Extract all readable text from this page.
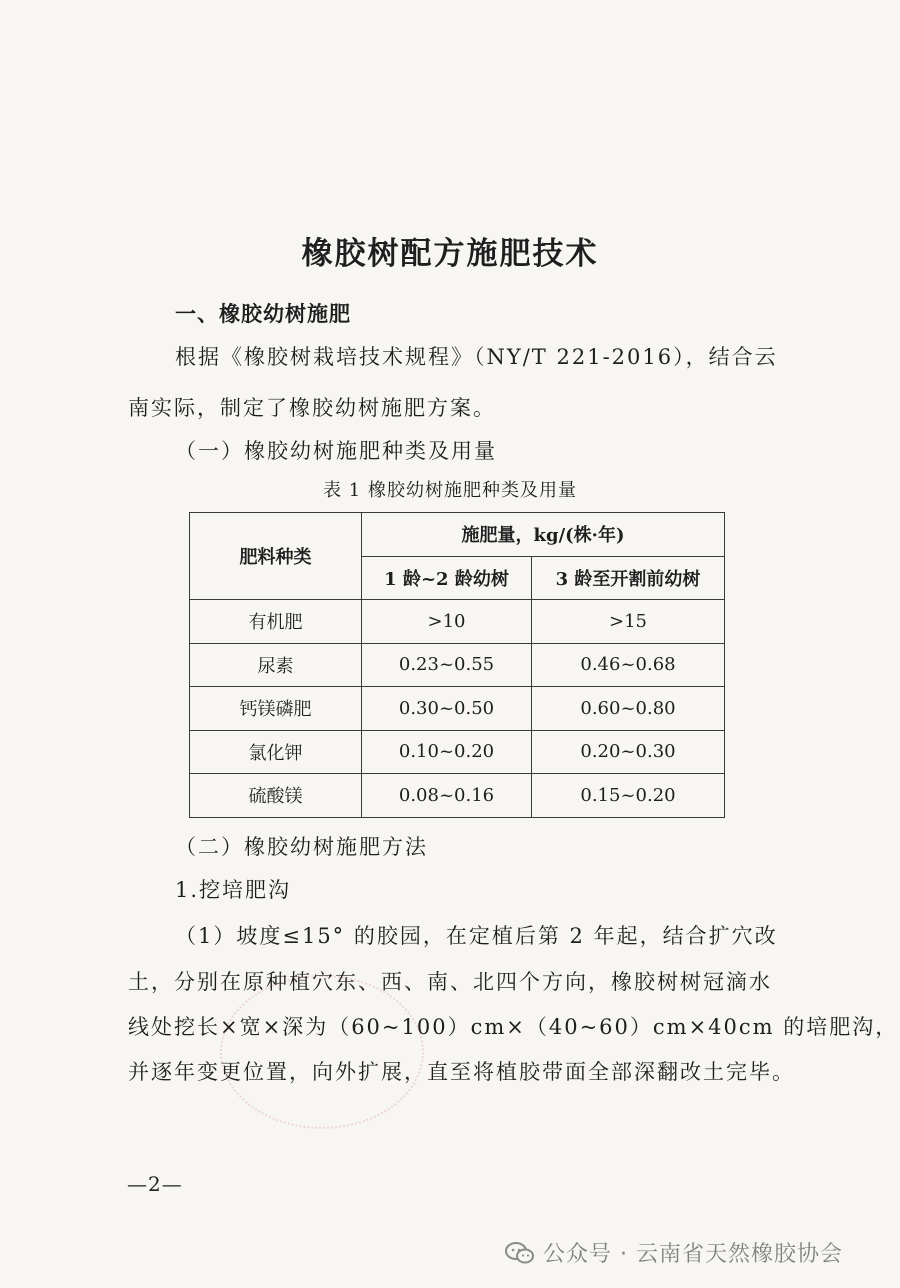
橡胶树配方施肥技术
一、橡胶幼树施肥
根据《橡胶树栽培技术规程》（NY/T 221-2016），结合云
南实际，制定了橡胶幼树施肥方案。
（一）橡胶幼树施肥种类及用量
表 1 橡胶幼树施肥种类及用量
肥料种类	施肥量，kg/(株·年)	
	1 龄~2 龄幼树	3 龄至开割前幼树
有机肥	>10	>15
尿素	0.23~0.55	0.46~0.68
钙镁磷肥	0.30~0.50	0.60~0.80
氯化钾	0.10~0.20	0.20~0.30
硫酸镁	0.08~0.16	0.15~0.20
（二）橡胶幼树施肥方法
1.挖培肥沟
（1）坡度≤15° 的胶园，在定植后第 2 年起，结合扩穴改
土，分别在原种植穴东、西、南、北四个方向，橡胶树树冠滴水
线处挖长×宽×深为（60~100）cm×（40~60）cm×40cm 的培肥沟，
并逐年变更位置，向外扩展，直至将植胶带面全部深翻改土完毕。
—2—
公众号 · 云南省天然橡胶协会
